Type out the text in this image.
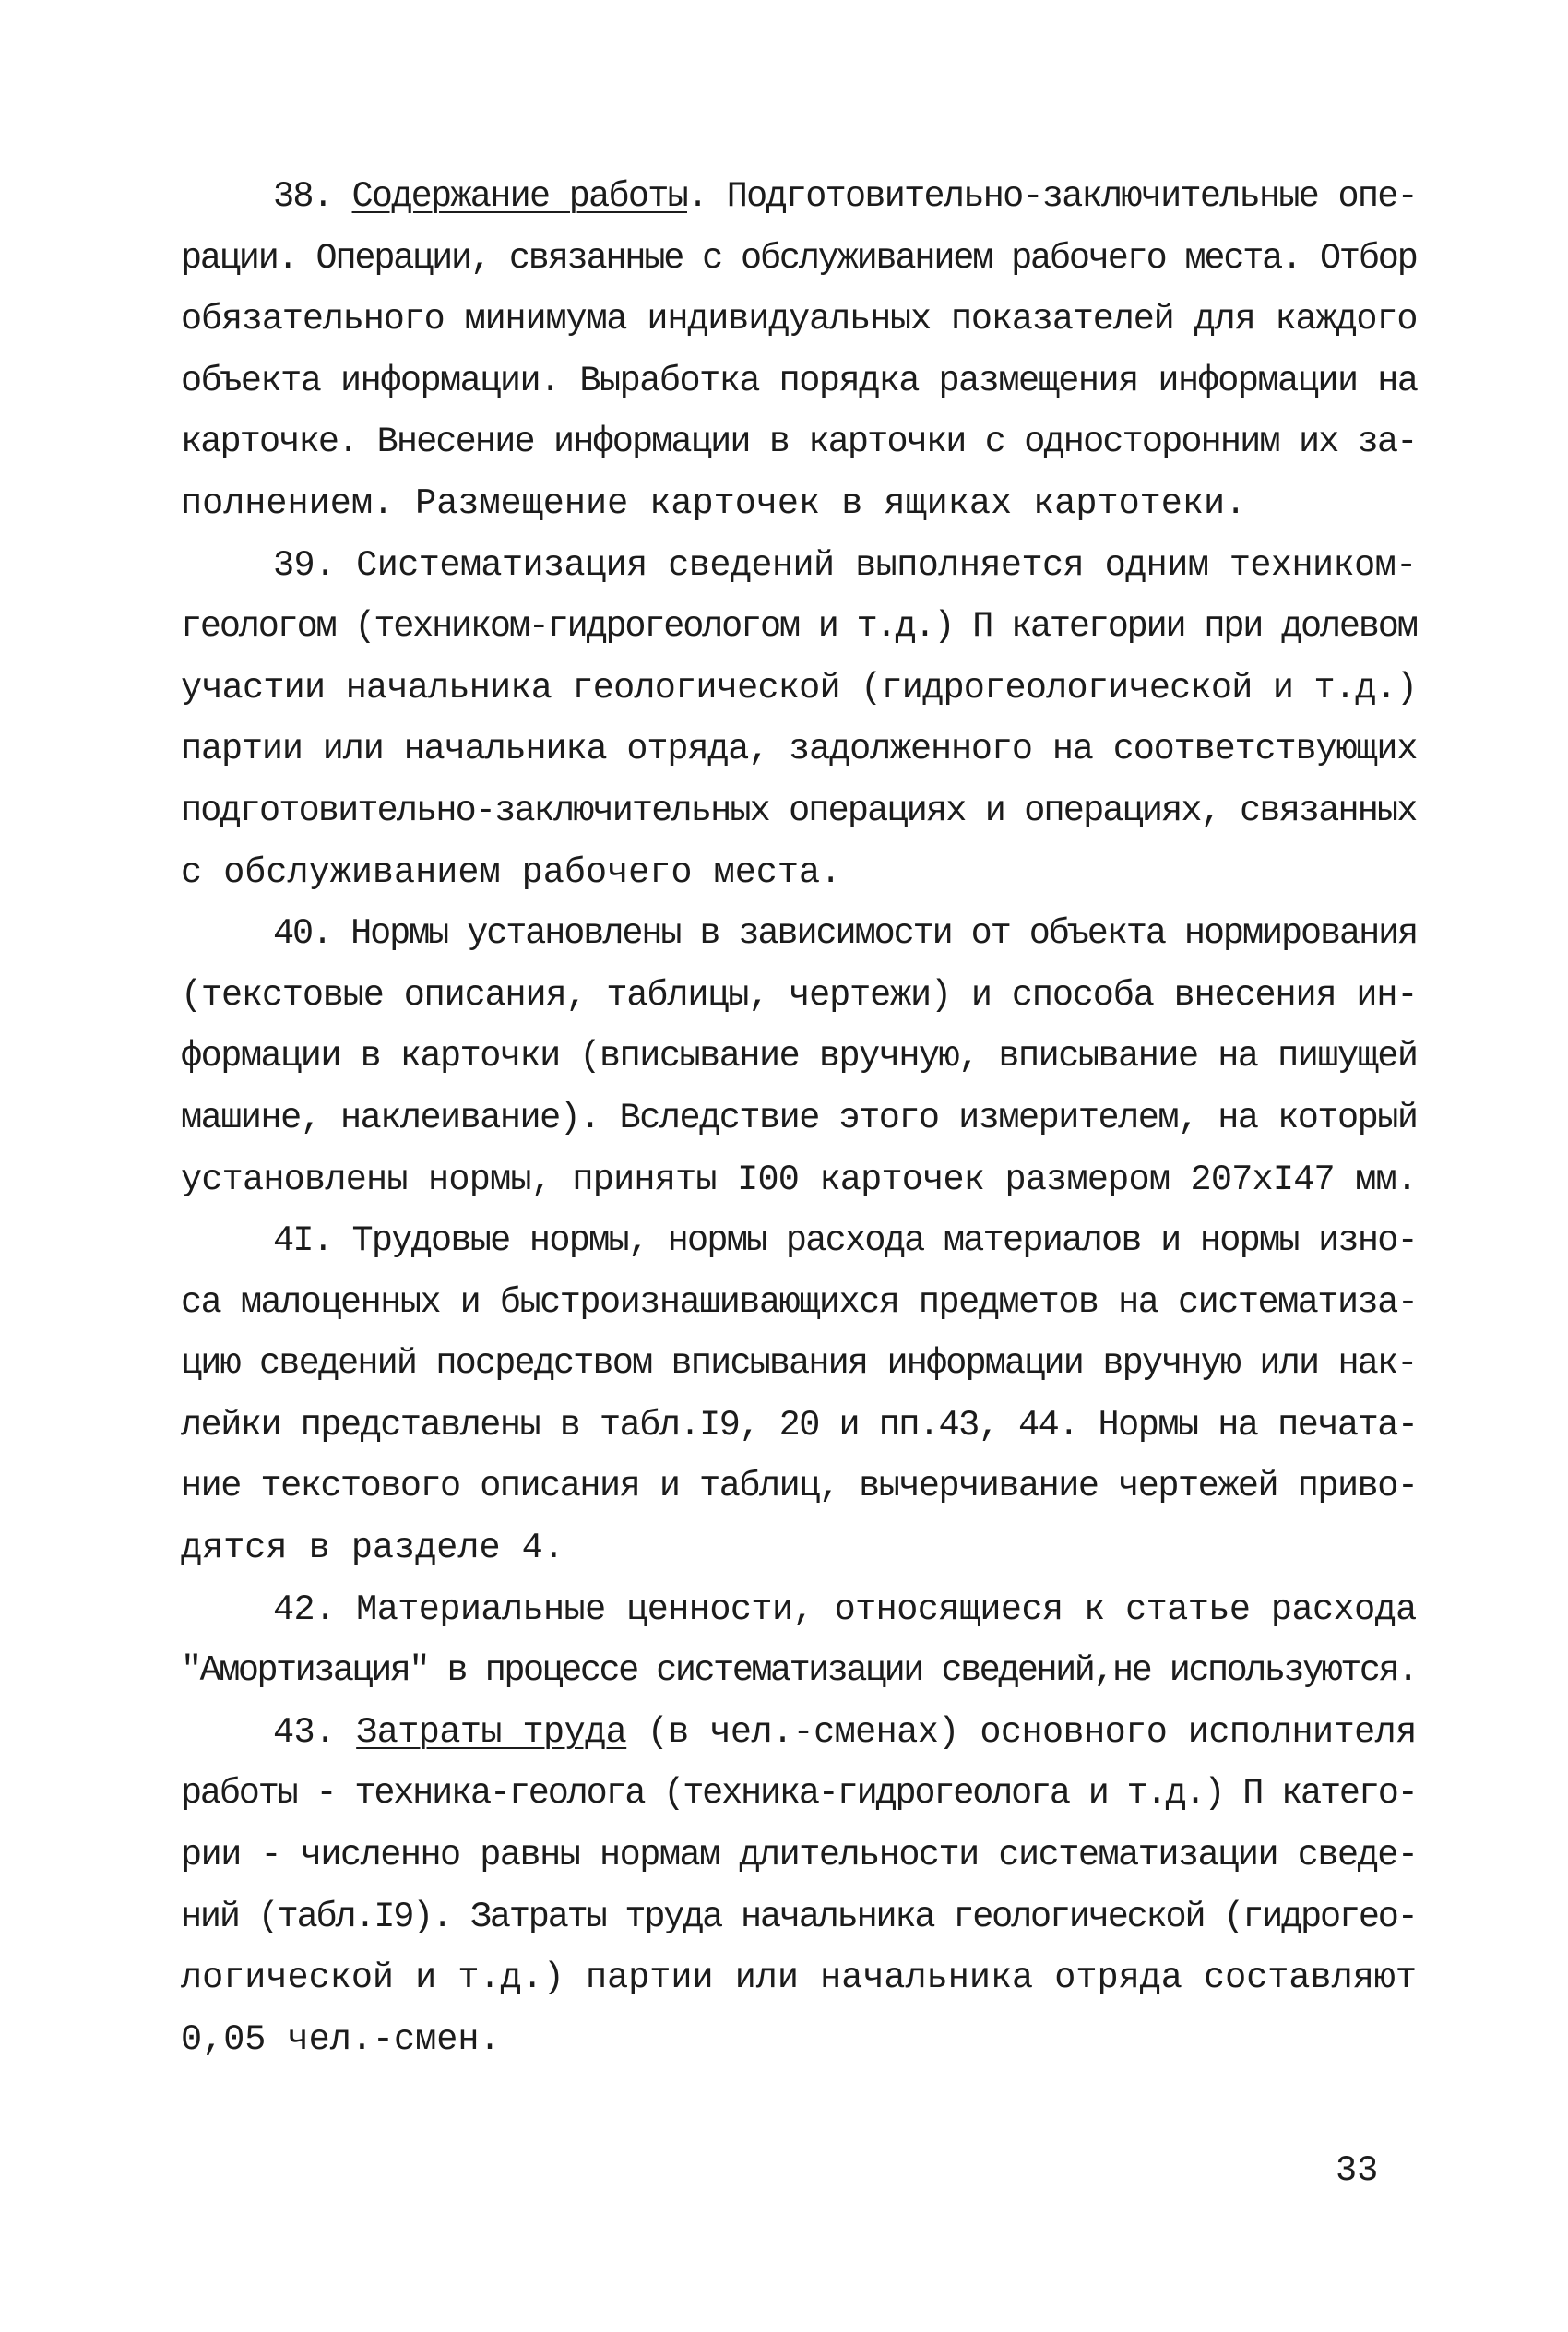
38. Содержание работы. Подготовительно-заключительные опе-
рации. Операции, связанные с обслуживанием рабочего места. Отбор
обязательного минимума индивидуальных показателей для каждого
объекта информации. Выработка порядка размещения информации на
карточке. Внесение информации в карточки с односторонним их за-
полнением. Размещение карточек в ящиках картотеки.
39. Систематизация сведений выполняется одним техником-
геологом (техником-гидрогеологом и т.д.) П категории при долевом
участии начальника геологической (гидрогеологической и т.д.)
партии или начальника отряда, задолженного на соответствующих
подготовительно-заключительных операциях и операциях, связанных
с обслуживанием рабочего места.
40. Нормы установлены в зависимости от объекта нормирования
(текстовые описания, таблицы, чертежи) и способа внесения ин-
формации в карточки (вписывание вручную, вписывание на пишущей
машине, наклеивание). Вследствие этого измерителем, на который
установлены нормы, приняты I00 карточек размером 207xI47 мм.
4I. Трудовые нормы, нормы расхода материалов и нормы изно-
са малоценных и быстроизнашивающихся предметов на систематиза-
цию сведений посредством вписывания информации вручную или нак-
лейки представлены в табл.I9, 20 и пп.43, 44. Нормы на печата-
ние текстового описания и таблиц, вычерчивание чертежей приво-
дятся в разделе 4.
42. Материальные ценности, относящиеся к статье расхода
"Амортизация" в процессе систематизации сведений,не используются.
43. Затраты труда (в чел.-сменах) основного исполнителя
работы - техника-геолога (техника-гидрогеолога и т.д.) П катего-
рии - численно равны нормам длительности систематизации сведе-
ний (табл.I9). Затраты труда начальника геологической (гидрогео-
логической и т.д.) партии или начальника отряда составляют
0,05 чел.-смен.
33
